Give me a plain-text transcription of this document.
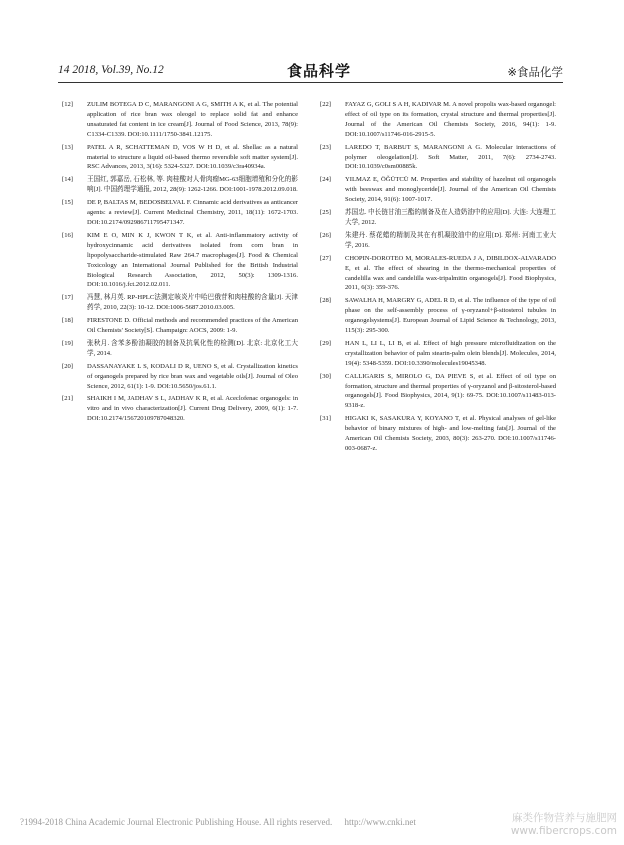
14 2018, Vol.39, No.12	食品科学	※食品化学
[12]	ZULIM BOTEGA D C, MARANGONI A G, SMITH A K, et al. The potential application of rice bran wax oleogel to replace solid fat and enhance unsaturated fat content in ice cream[J]. Journal of Food Science, 2013, 78(9): C1334-C1339. DOI:10.1111/1750-3841.12175.
[13]	PATEL A R, SCHATTEMAN D, VOS W H D, et al. Shellac as a natural material to structure a liquid oil-based thermo reversible soft matter system[J]. RSC Advances, 2013, 3(16): 5324-5327. DOI:10.1039/c3ra40934a.
[14]	王国红, 郭嘉岳, 石松林, 等. 肉桂酸对人骨肉瘤MG-63细胞增殖和分化的影响[J]. 中国药理学通报, 2012, 28(9): 1262-1266. DOI:1001-1978.2012.09.018.
[15]	DE P, BALTAS M, BEDOSBELVAL F. Cinnamic acid derivatives as anticancer agents: a review[J]. Current Medicinal Chemistry, 2011, 18(11): 1672-1703. DOI:10.2174/092986711795471347.
[16]	KIM E O, MIN K J, KWON T K, et al. Anti-inflammatory activity of hydroxycinnamic acid derivatives isolated from corn bran in lipopolysaccharide-stimulated Raw 264.7 macrophages[J]. Food & Chemical Toxicology an International Journal Published for the British Industrial Biological Research Association, 2012, 50(3): 1309-1316. DOI:10.1016/j.fct.2012.02.011.
[17]	冯慧, 林月英. RP-HPLC法测定咳炎片中哈巴俄苷和肉桂酸的含量[J]. 天津药学, 2010, 22(3): 10-12. DOI:1006-5687.2010.03.005.
[18]	FIRESTONE D. Official methods and recommended practices of the American Oil Chemists' Society[S]. Champaign: AOCS, 2009: 1-9.
[19]	张秋月. 含苯多酚油凝胶的制备及抗氧化性的检测[D]. 北京: 北京化工大学, 2014.
[20]	DASSANAYAKE L S, KODALI D R, UENO S, et al. Crystallization kinetics of organogels prepared by rice bran wax and vegetable oils[J]. Journal of Oleo Science, 2012, 61(1): 1-9. DOI:10.5650/jos.61.1.
[21]	SHAIKH I M, JADHAV S L, JADHAV K R, et al. Aceclofenac organogels: in vitro and in vivo characterization[J]. Current Drug Delivery, 2009, 6(1): 1-7. DOI:10.2174/156720109787048320.
[22]	FAYAZ G, GOLI S A H, KADIVAR M. A novel propolis wax-based organogel: effect of oil type on its formation, crystal structure and thermal properties[J]. Journal of the American Oil Chemists Society, 2016, 94(1): 1-9. DOI:10.1007/s11746-016-2915-5.
[23]	LAREDO T, BARBUT S, MARANGONI A G. Molecular interactions of polymer oleogelation[J]. Soft Matter, 2011, 7(6): 2734-2743. DOI:10.1039/c0sm00885k.
[24]	YILMAZ E, ÖĞÜTCÜ M. Properties and stability of hazelnut oil organogels with beeswax and monoglyceride[J]. Journal of the American Oil Chemists Society, 2014, 91(6): 1007-1017.
[25]	苏国忠. 中长链甘油三酯的制备及在人造奶油中的应用[D]. 大连: 大连理工大学, 2012.
[26]	朱建丹. 蔡花蜡的精制及其在有机凝胶油中的应用[D]. 郑州: 河南工业大学, 2016.
[27]	CHOPIN-DOROTEO M, MORALES-RUEDA J A, DIBILDOX-ALVARADO E, et al. The effect of shearing in the thermo-mechanical properties of candelilla wax and candelilla wax-tripalmitin organogels[J]. Food Biophysics, 2011, 6(3): 359-376.
[28]	SAWALHA H, MARGRY G, ADEL R D, et al. The influence of the type of oil phase on the self-assembly process of γ-oryzanol+β-sitosterol tubules in organogelsystems[J]. European Journal of Lipid Science & Technology, 2013, 115(3): 295-300.
[29]	HAN L, LI L, LI B, et al. Effect of high pressure microfluidization on the crystallization behavior of palm stearin-palm olein blends[J]. Molecules, 2014, 19(4): 5348-5359. DOI:10.3390/molecules19045348.
[30]	CALLIGARIS S, MIROLO G, DA PIEVE S, et al. Effect of oil type on formation, structure and thermal properties of γ-oryzanol and β-sitosterol-based organogels[J]. Food Biophysics, 2014, 9(1): 69-75. DOI:10.1007/s11483-013-9318-z.
[31]	HIGAKI K, SASAKURA Y, KOYANO T, et al. Physical analyses of gel-like behavior of binary mixtures of high- and low-melting fats[J]. Journal of the American Oil Chemists Society, 2003, 80(3): 263-270. DOI:10.1007/s11746-003-0687-z.
?1994-2018 China Academic Journal Electronic Publishing House. All rights reserved. http://www.cnki.net	麻类作物营养与施肥网
www.fibercrops.com
